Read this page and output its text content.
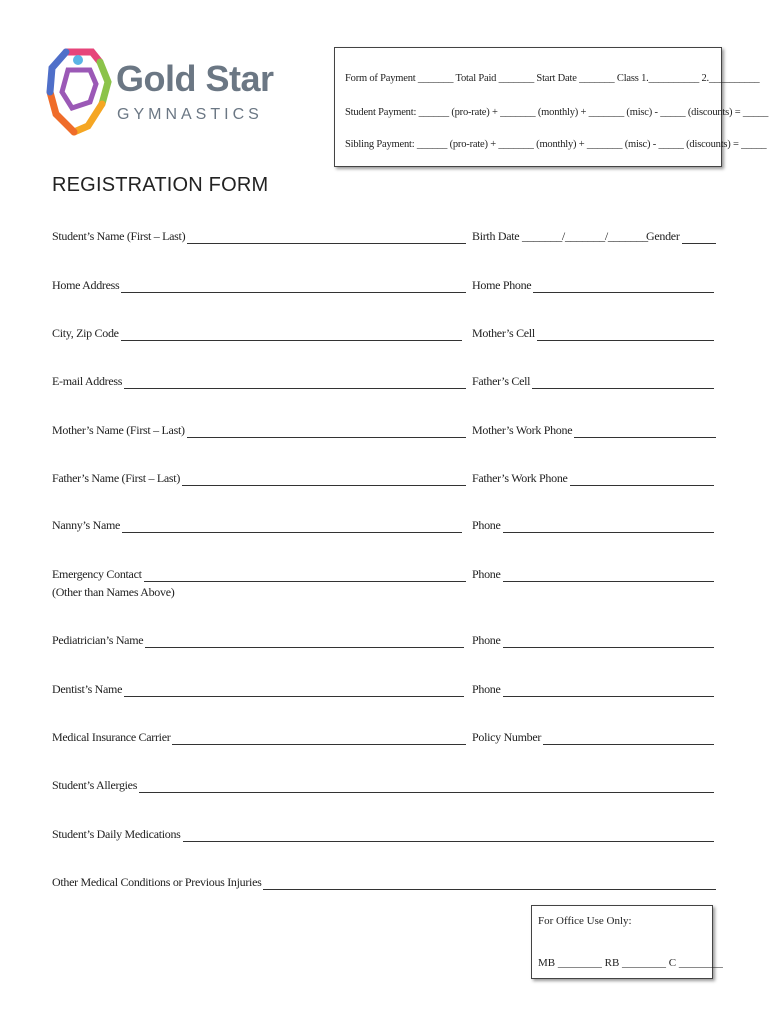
Gold Star
GYMNASTICS
Form of Payment _______ Total Paid _______ Start Date _______ Class 1.__________ 2.__________
Student Payment: ______ (pro-rate) + _______ (monthly) + _______ (misc) - _____ (discounts) = _____
Sibling Payment: ______ (pro-rate) + _______ (monthly) + _______ (misc) - _____ (discounts) = _____
REGISTRATION FORM
Student’s Name (First – Last)
Home Address
City, Zip Code
E-mail Address
Mother’s Name (First – Last)
Father’s Name (First – Last)
Nanny’s Name
Emergency Contact
(Other than Names Above)
Pediatrician’s Name
Dentist’s Name
Medical Insurance Carrier
Birth Date _______/_______/_______
Gender
Home Phone
Mother’s Cell
Father’s Cell
Mother’s Work Phone
Father’s Work Phone
Phone
Phone
Phone
Phone
Policy Number
Student’s Allergies
Student’s Daily Medications
Other Medical Conditions or Previous Injuries
For Office Use Only:
MB ________ RB ________ C ________
